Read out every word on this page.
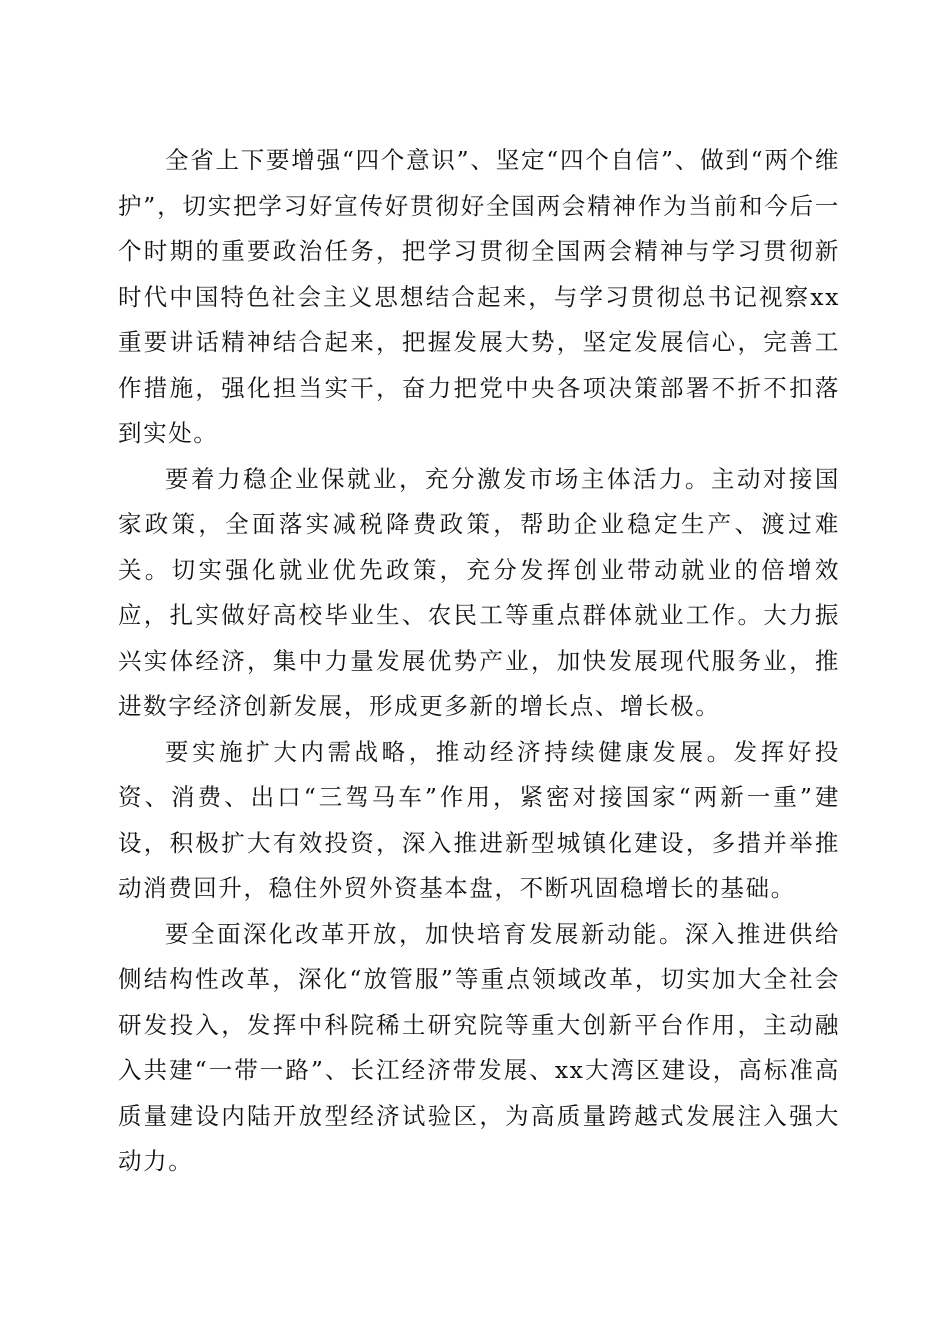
全省上下要增强“四个意识”、坚定“四个自信”、做到“两个维护”，切实把学习好宣传好贯彻好全国两会精神作为当前和今后一个时期的重要政治任务，把学习贯彻全国两会精神与学习贯彻新时代中国特色社会主义思想结合起来，与学习贯彻总书记视察xx重要讲话精神结合起来，把握发展大势，坚定发展信心，完善工作措施，强化担当实干，奋力把党中央各项决策部署不折不扣落到实处。

要着力稳企业保就业，充分激发市场主体活力。主动对接国家政策，全面落实减税降费政策，帮助企业稳定生产、渡过难关。切实强化就业优先政策，充分发挥创业带动就业的倍增效应，扎实做好高校毕业生、农民工等重点群体就业工作。大力振兴实体经济，集中力量发展优势产业，加快发展现代服务业，推进数字经济创新发展，形成更多新的增长点、增长极。

要实施扩大内需战略，推动经济持续健康发展。发挥好投资、消费、出口“三驾马车”作用，紧密对接国家“两新一重”建设，积极扩大有效投资，深入推进新型城镇化建设，多措并举推动消费回升，稳住外贸外资基本盘，不断巩固稳增长的基础。

要全面深化改革开放，加快培育发展新动能。深入推进供给侧结构性改革，深化“放管服”等重点领域改革，切实加大全社会研发投入，发挥中科院稀土研究院等重大创新平台作用，主动融入共建“一带一路”、长江经济带发展、xx大湾区建设，高标准高质量建设内陆开放型经济试验区，为高质量跨越式发展注入强大动力。
